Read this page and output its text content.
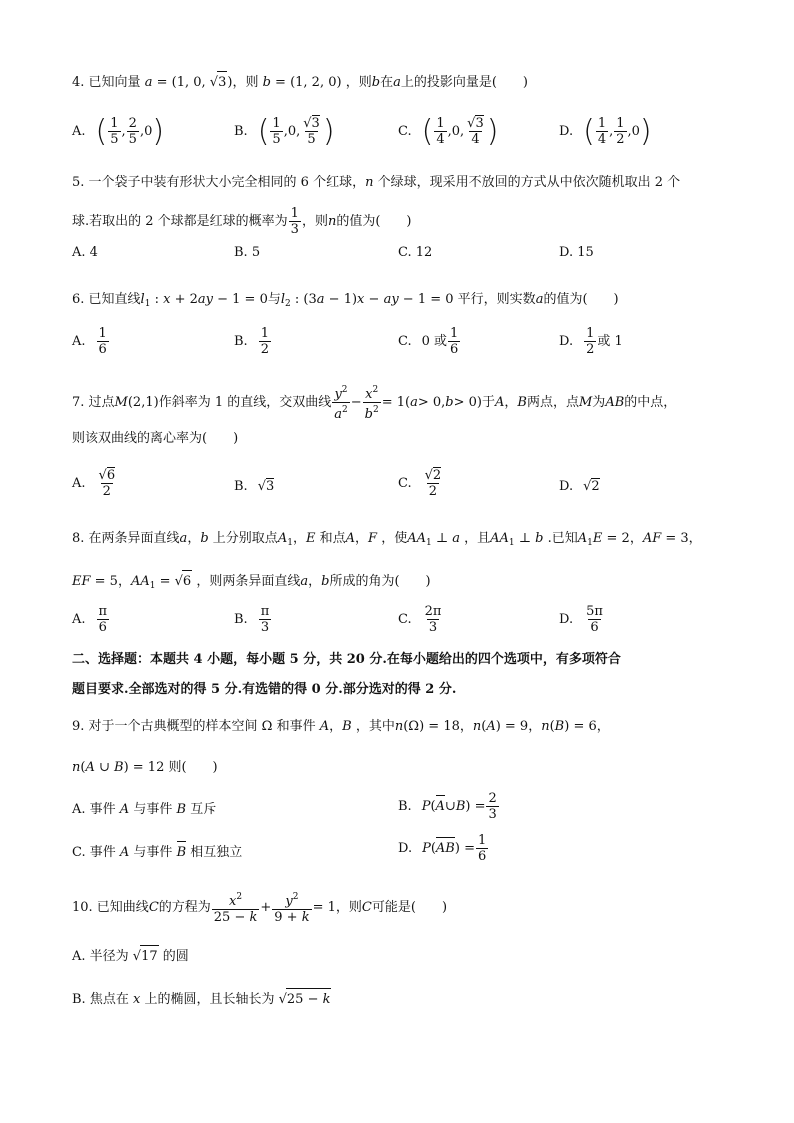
4. 已知向量 a = (1, 0, √3)，则 b = (1, 2, 0) ，则b在a上的投影向量是(　　)
A. ( $\frac{1}{5}$ , $\frac{2}{5} ,0$ )	B. ( $\frac{1}{5} ,0$, $\frac{√3}{5}$ )	C. ( $\frac{1}{4} ,0$, $\frac{√3}{4}$ )	D. ( $\frac{1}{4}$ , $\frac{1}{2} ,0$ )
5. 一个袋子中装有形状大小完全相同的 6 个红球，n 个绿球，现采用不放回的方式从中依次随机取出 2 个
球.若取出的 2 个球都是红球的概率为 $\frac{1}{3}$ ，则 n 的值为(　　)
A. 4	B. 5	C. 12	D. 15
6. 已知直线$l_1$ : x + 2ay − 1 = 0与$l_2$ : (3a − 1)x − ay − 1 = 0 平行，则实数a的值为(　　)
A. $\frac{1}{6}$	B. $\frac{1}{2}$	C. 0 或 $\frac{1}{6}$	D. $\frac{1}{2}$ 或 1
7. 过点 M (2,1) 作斜率为 1 的直线，交双曲线 $\frac{y^2}{a^2} - \frac{x^2}{b^2} = 1$( a > 0, b > 0) 于 A ， B 两点，点 M 为 AB 的中点，
则该双曲线的离心率为(　　)
A. $\frac{√6}{2}$	B. √3	C. $\frac{√2}{2}$	D. √2
8. 在两条异面直线a，b 上分别取点$A_1$，E 和点A，F ，使$AA_1$ ⊥ a ，且$AA_1$ ⊥ b .已知$A_1E = 2$，AF = 3，
EF = 5，$AA_1 = √6$ ，则两条异面直线a，b所成的角为(　　)
A. $\frac{\pi}{6}$	B. $\frac{\pi}{3}$	C. $\frac{2\pi}{3}$	D. $\frac{5\pi}{6}$
二、选择题：本题共 4 小题，每小题 5 分，共 20 分.在每小题给出的四个选项中，有多项符合
题目要求.全部选对的得 5 分.有选错的得 0 分.部分选对的得 2 分.
9. 对于一个古典概型的样本空间 Ω 和事件 A，B ，其中n(Ω) = 18，n(A) = 9，n(B) = 6，
n(A ∪ B) = 12 则(　　)
A. 事件
A
与事件
B
互斥	B. P ( A ∪ B ) = $\frac{2}{3}$
C. 事件
A
与事件
B
相互独立	D. P ( AB ) = $\frac{1}{6}$
10. 已知曲线 C 的方程为 $\frac{x^2}{25 - k} + \frac{y^2}{9 + k} = 1$ ，则 C 可能是(　　)
A. 半径为 √17 的圆
B. 焦点在 x 上的椭圆，且长轴长为 √25 − k
